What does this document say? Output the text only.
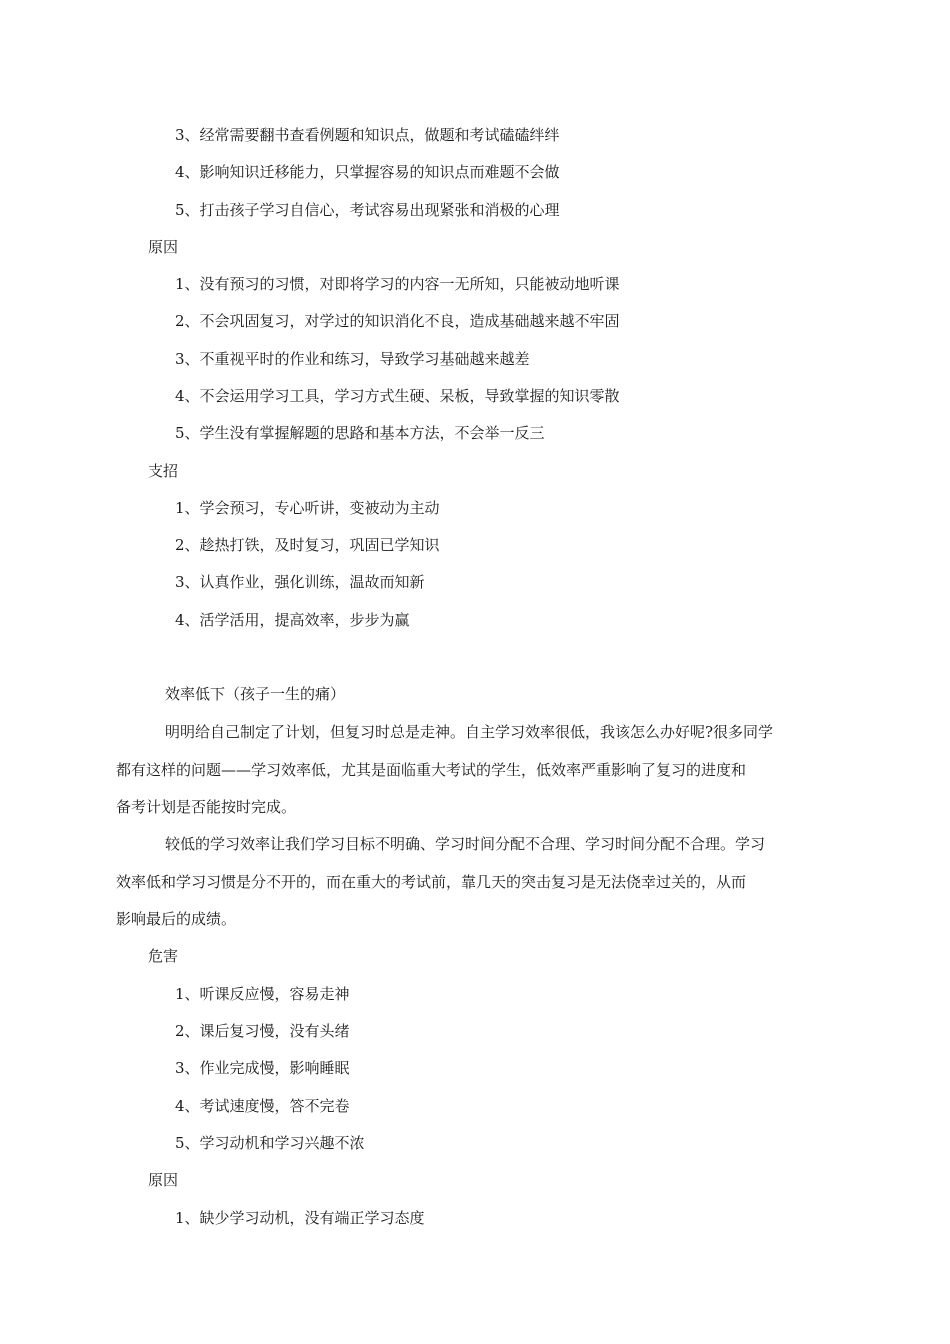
3、经常需要翻书查看例题和知识点，做题和考试磕磕绊绊
4、影响知识迁移能力，只掌握容易的知识点而难题不会做
5、打击孩子学习自信心，考试容易出现紧张和消极的心理
原因
1、没有预习的习惯，对即将学习的内容一无所知，只能被动地听课
2、不会巩固复习，对学过的知识消化不良，造成基础越来越不牢固
3、不重视平时的作业和练习，导致学习基础越来越差
4、不会运用学习工具，学习方式生硬、呆板，导致掌握的知识零散
5、学生没有掌握解题的思路和基本方法，不会举一反三
支招
1、学会预习，专心听讲，变被动为主动
2、趁热打铁，及时复习，巩固已学知识
3、认真作业，强化训练，温故而知新
4、活学活用，提高效率，步步为赢
效率低下（孩子一生的痛）
明明给自己制定了计划，但复习时总是走神。自主学习效率很低，我该怎么办好呢?很多同学
都有这样的问题——学习效率低，尤其是面临重大考试的学生，低效率严重影响了复习的进度和
备考计划是否能按时完成。
较低的学习效率让我们学习目标不明确、学习时间分配不合理、学习时间分配不合理。学习
效率低和学习习惯是分不开的，而在重大的考试前，靠几天的突击复习是无法侥幸过关的，从而
影响最后的成绩。
危害
1、听课反应慢，容易走神
2、课后复习慢，没有头绪
3、作业完成慢，影响睡眠
4、考试速度慢，答不完卷
5、学习动机和学习兴趣不浓
原因
1、缺少学习动机，没有端正学习态度
